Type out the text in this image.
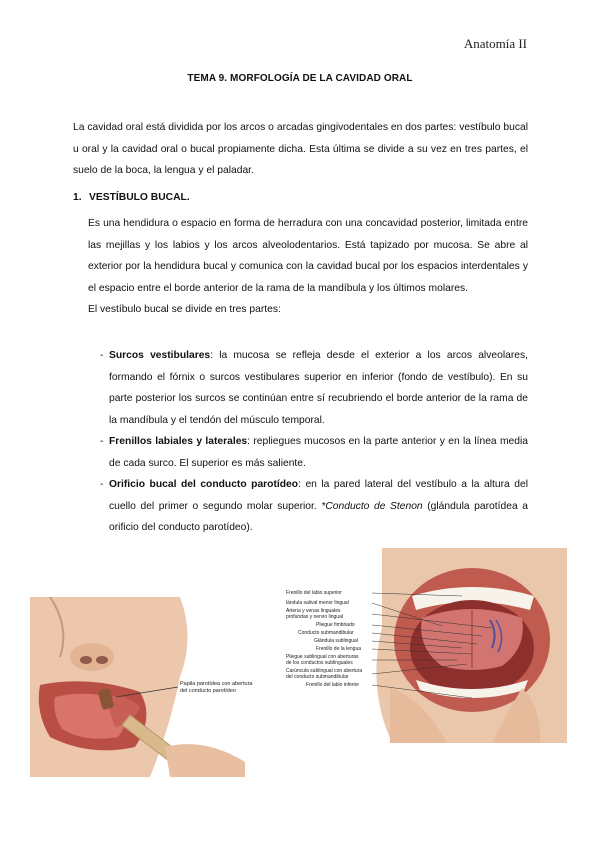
Anatomía II
TEMA 9. MORFOLOGÍA DE LA CAVIDAD ORAL
La cavidad oral está dividida por los arcos o arcadas gingivodentales en dos partes: vestíbulo bucal u oral y la cavidad oral o bucal propiamente dicha. Esta última se divide a su vez en tres partes, el suelo de la boca, la lengua y el paladar.
1. VESTÍBULO BUCAL.

Es una hendidura o espacio en forma de herradura con una concavidad posterior, limitada entre las mejillas y los labios y los arcos alveolodentarios. Está tapizado por mucosa. Se abre al exterior por la hendidura bucal y comunica con la cavidad bucal por los espacios interdentales y el espacio entre el borde anterior de la rama de la mandíbula y los últimos molares.

El vestíbulo bucal se divide en tres partes:

- Surcos vestibulares: la mucosa se refleja desde el exterior a los arcos alveolares, formando el fórnix o surcos vestibulares superior en inferior (fondo de vestíbulo). En su parte posterior los surcos se continúan entre sí recubriendo el borde anterior de la rama de la mandíbula y el tendón del músculo temporal.
- Frenillos labiales y laterales: repliegues mucosos en la parte anterior y en la línea media de cada surco. El superior es más saliente.
- Orificio bucal del conducto parotídeo: en la pared lateral del vestíbulo a la altura del cuello del primer o segundo molar superior. *Conducto de Stenon (glándula parotídea a orificio del conducto parotídeo).
Papila parotídea con abertura
del conducto parotídeo
Frenillo del labio superior
lándula salival menor lingual
Arteria y venas linguales
profundas y nervio lingual
Pliegue fimbriado
Conducto submandibular
Glándula sublingual
Frenillo de la lengua
Pliegue sublingual con aberturas
de los conductos sublinguales
Carúncula sublingual con abertura
del conducto submandibular
Frenillo del labio inferior
